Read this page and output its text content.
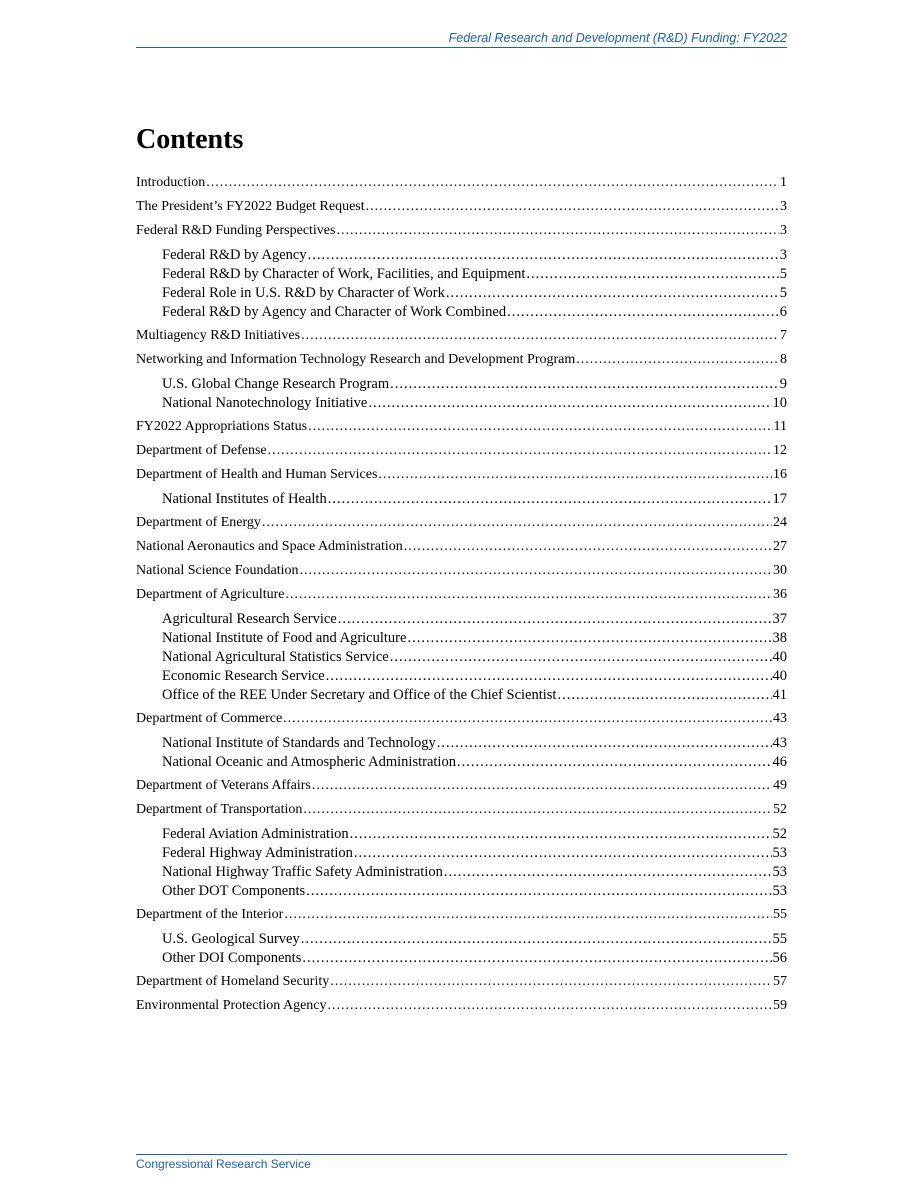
Federal Research and Development (R&D) Funding: FY2022
Contents
Introduction .....	1
The President’s FY2022 Budget Request .....	3
Federal R&D Funding Perspectives .....	3
Federal R&D by Agency .....	3
Federal R&D by Character of Work, Facilities, and Equipment .....	5
Federal Role in U.S. R&D by Character of Work .....	5
Federal R&D by Agency and Character of Work Combined .....	6
Multiagency R&D Initiatives .....	7
Networking and Information Technology Research and Development Program .....	8
U.S. Global Change Research Program .....	9
National Nanotechnology Initiative .....	10
FY2022 Appropriations Status .....	11
Department of Defense .....	12
Department of Health and Human Services .....	16
National Institutes of Health .....	17
Department of Energy .....	24
National Aeronautics and Space Administration .....	27
National Science Foundation .....	30
Department of Agriculture .....	36
Agricultural Research Service .....	37
National Institute of Food and Agriculture .....	38
National Agricultural Statistics Service .....	40
Economic Research Service .....	40
Office of the REE Under Secretary and Office of the Chief Scientist .....	41
Department of Commerce .....	43
National Institute of Standards and Technology .....	43
National Oceanic and Atmospheric Administration .....	46
Department of Veterans Affairs .....	49
Department of Transportation .....	52
Federal Aviation Administration .....	52
Federal Highway Administration .....	53
National Highway Traffic Safety Administration .....	53
Other DOT Components .....	53
Department of the Interior .....	55
U.S. Geological Survey .....	55
Other DOI Components .....	56
Department of Homeland Security .....	57
Environmental Protection Agency .....	59
Congressional Research Service
